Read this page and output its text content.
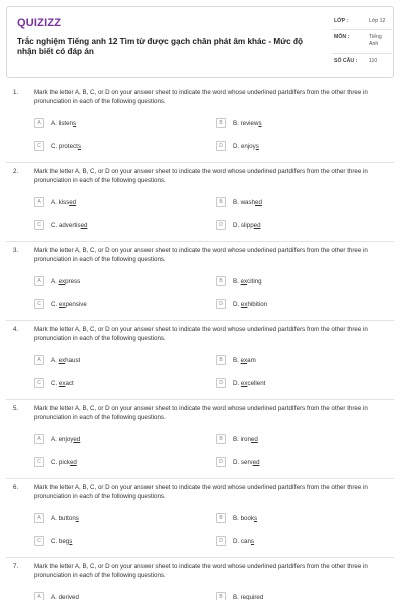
QUIZIZZ
Trắc nghiệm Tiếng anh 12 Tìm từ được gạch chân phát âm khác - Mức độ nhận biết có đáp án
LỚP :	Lớp 12
MÔN :	Tiếng Anh
SỐ CÂU : 110
1.	Mark the letter A, B, C, or D on your answer sheet to indicate the word whose underlined partdiffers from the other three in pronunciation in each of the following questions.
A	A. listens	B	B. reviews
C	C. protects	D	D. enjoys
2.	Mark the letter A, B, C, or D on your answer sheet to indicate the word whose underlined partdiffers from the other three in pronunciation in each of the following questions.
A	A. kissed	B	B. washed
C	C. advertised	D	D. slipped
3.	Mark the letter A, B, C, or D on your answer sheet to indicate the word whose underlined partdiffers from the other three in pronunciation in each of the following questions.
A	A. express	B	B. exciting
C	C. expensive	D	D. exhibition
4.	Mark the letter A, B, C, or D on your answer sheet to indicate the word whose underlined partdiffers from the other three in pronunciation in each of the following questions.
A	A. exhaust	B	B. exam
C	C. exact	D	D. excellent
5.	Mark the letter A, B, C, or D on your answer sheet to indicate the word whose underlined partdiffers from the other three in pronunciation in each of the following questions.
A	A. enjoyed	B	B. ironed
C	C. picked	D	D. served
6.	Mark the letter A, B, C, or D on your answer sheet to indicate the word whose underlined partdiffers from the other three in pronunciation in each of the following questions.
A	A. buttons	B	B. books
C	C. begs	D	D. cans
7.	Mark the letter A, B, C, or D on your answer sheet to indicate the word whose underlined partdiffers from the other three in pronunciation in each of the following questions.
A	A. derived	B	B. required
